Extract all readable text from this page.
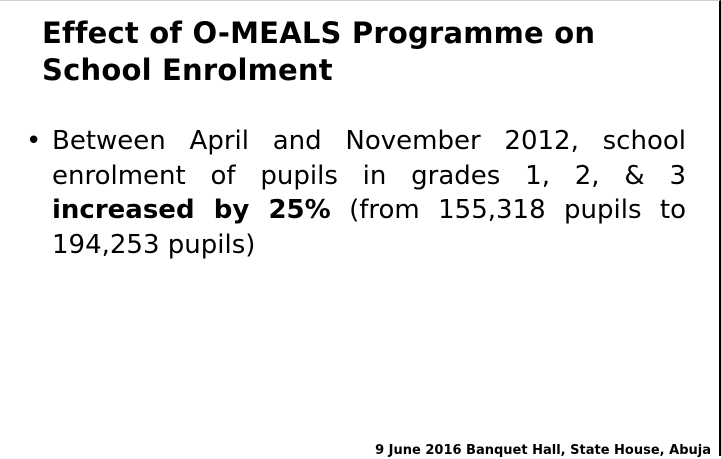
Effect of O-MEALS Programme on School Enrolment
• Between April and November 2012, school enrolment of pupils in grades 1, 2, & 3 increased by 25% (from 155,318 pupils to 194,253 pupils)
9 June 2016 Banquet Hall, State House, Abuja
